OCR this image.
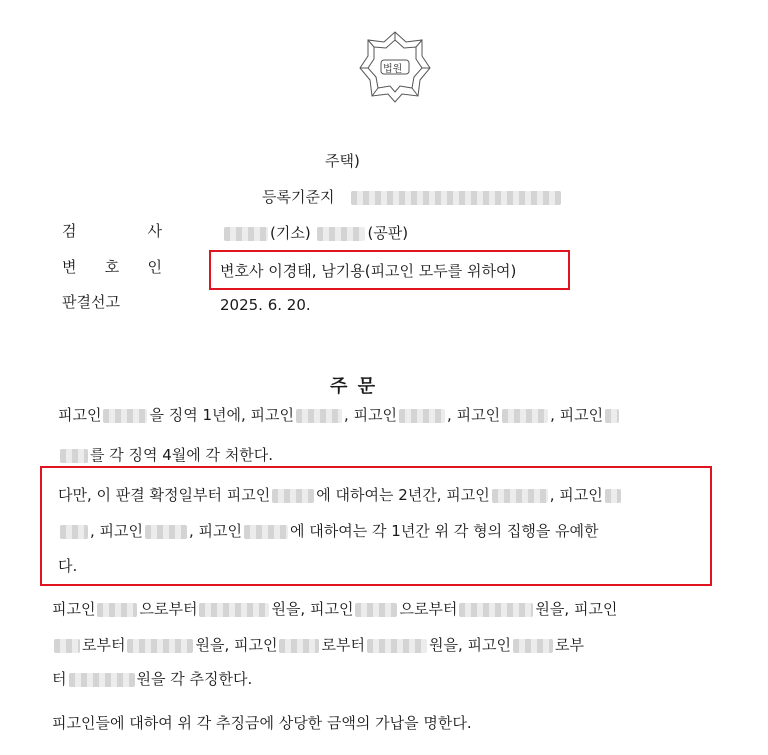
법원
주택)
등록기준지
검 사	(기소)	(공판)
변 호 인	변호사 이경태, 남기용(피고인 모두를 위하여)
판결선고	2025. 6. 20.
주 문
피고인	을 징역 1년에, 피고인	, 피고인	, 피고인	, 피고인
를 각 징역 4월에 각 처한다.
다만, 이 판결 확정일부터 피고인	에 대하여는 2년간, 피고인	, 피고인
, 피고인	, 피고인	에 대하여는 각 1년간 위 각 형의 집행을 유예한
다.
피고인	으로부터	원을, 피고인	으로부터	원을, 피고인
로부터	원을, 피고인	로부터	원을, 피고인	로부
터	원을 각 추징한다.
피고인들에 대하여 위 각 추징금에 상당한 금액의 가납을 명한다.
